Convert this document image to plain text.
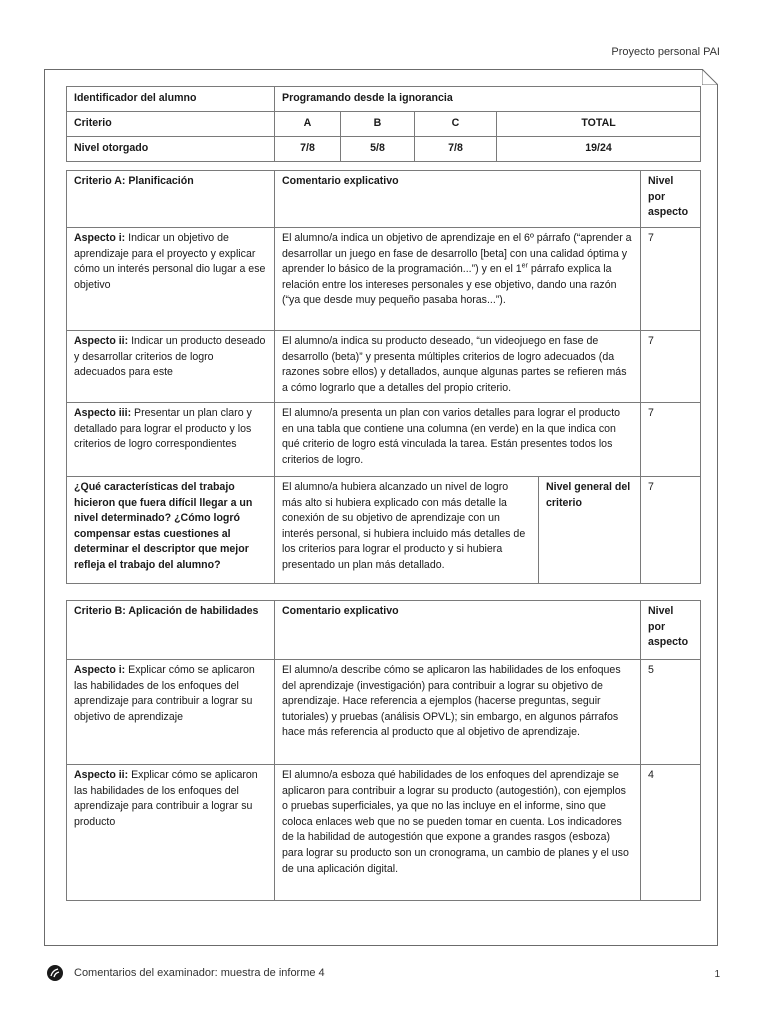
Proyecto personal PAI
Identificador del alumno	Programando desde la ignorancia			
Criterio	A	B	C	TOTAL
Nivel otorgado	7/8	5/8	7/8	19/24
Criterio A: Planificación	Comentario explicativo		Nivel por aspecto
Aspecto i: Indicar un objetivo de aprendizaje para el proyecto y explicar cómo un interés personal dio lugar a ese objetivo	El alumno/a indica un objetivo de aprendizaje en el 6º párrafo (“aprender a desarrollar un juego en fase de desarrollo [beta] con una calidad óptima y aprender lo básico de la programación...”) y en el 1er párrafo explica la relación entre los intereses personales y ese objetivo, dando una razón (“ya que desde muy pequeño pasaba horas...”).		7
Aspecto ii: Indicar un producto deseado y desarrollar criterios de logro adecuados para este	El alumno/a indica su producto deseado, “un videojuego en fase de desarrollo (beta)” y presenta múltiples criterios de logro adecuados (da razones sobre ellos) y detallados, aunque algunas partes se refieren más a cómo lograrlo que a detalles del propio criterio.		7
Aspecto iii: Presentar un plan claro y detallado para lograr el producto y los criterios de logro correspondientes	El alumno/a presenta un plan con varios detalles para lograr el producto en una tabla que contiene una columna (en verde) en la que indica con qué criterio de logro está vinculada la tarea. Están presentes todos los criterios de logro.		7
¿Qué características del trabajo hicieron que fuera difícil llegar a un nivel determinado? ¿Cómo logró compensar estas cuestiones al determinar el descriptor que mejor refleja el trabajo del alumno?	El alumno/a hubiera alcanzado un nivel de logro más alto si hubiera explicado con más detalle la conexión de su objetivo de aprendizaje con un interés personal, si hubiera incluido más detalles de los criterios para lograr el producto y si hubiera presentado un plan más detallado.	Nivel general del criterio	7
Criterio B: Aplicación de habilidades	Comentario explicativo	Nivel por aspecto
Aspecto i: Explicar cómo se aplicaron las habilidades de los enfoques del aprendizaje para contribuir a lograr su objetivo de aprendizaje	El alumno/a describe cómo se aplicaron las habilidades de los enfoques del aprendizaje (investigación) para contribuir a lograr su objetivo de aprendizaje. Hace referencia a ejemplos (hacerse preguntas, seguir tutoriales) y pruebas (análisis OPVL); sin embargo, en algunos párrafos hace más referencia al producto que al objetivo de aprendizaje.	5
Aspecto ii: Explicar cómo se aplicaron las habilidades de los enfoques del aprendizaje para contribuir a lograr su producto	El alumno/a esboza qué habilidades de los enfoques del aprendizaje se aplicaron para contribuir a lograr su producto (autogestión), con ejemplos o pruebas superficiales, ya que no las incluye en el informe, sino que coloca enlaces web que no se pueden tomar en cuenta. Los indicadores de la habilidad de autogestión que expone a grandes rasgos (esboza) para lograr su producto son un cronograma, un cambio de planes y el uso de una aplicación digital.	4
Comentarios del examinador: muestra de informe 4	1
